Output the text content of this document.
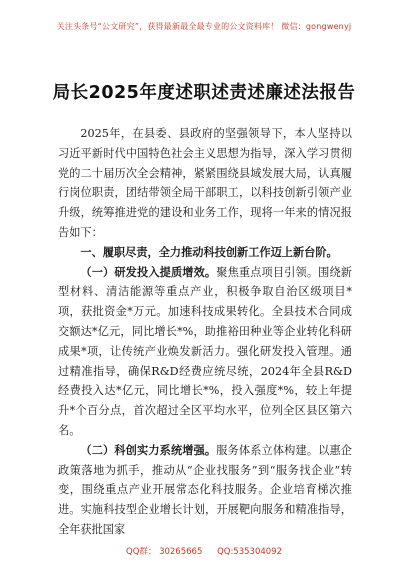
关注头条号“公文研究”，获得最新最全最专业的公文资料库！ 微信：gongwenyj
局长2025年度述职述责述廉述法报告

2025年，在县委、县政府的坚强领导下，本人坚持以习近平新时代中国特色社会主义思想为指导，深入学习贯彻党的二十届历次全会精神，紧紧围绕县域发展大局，认真履行岗位职责，团结带领全局干部职工，以科技创新引领产业升级，统筹推进党的建设和业务工作，现将一年来的情况报告如下：

一、履职尽责，全力推动科技创新工作迈上新台阶。

（一）研发投入提质增效。聚焦重点项目引领。围绕新型材料、清洁能源等重点产业，积极争取自治区级项目*项，获批资金*万元。加速科技成果转化。全县技术合同成交额达*亿元，同比增长*%，助推裕田种业等企业转化科研成果*项，让传统产业焕发新活力。强化研发投入管理。通过精准指导，确保R&D经费应统尽统，2024年全县R&D经费投入达*亿元，同比增长*%，投入强度*%，较上年提升*个百分点，首次超过全区平均水平，位列全区县区第六名。

（二）科创实力系统增强。服务体系立体构建。以惠企政策落地为抓手，推动从“企业找服务”到“服务找企业”转变，围绕重点产业开展常态化科技服务。企业培育梯次推进。实施科技型企业增长计划，开展靶向服务和精准指导，全年获批国家

QQ群： 30265665 QQ:535304092
